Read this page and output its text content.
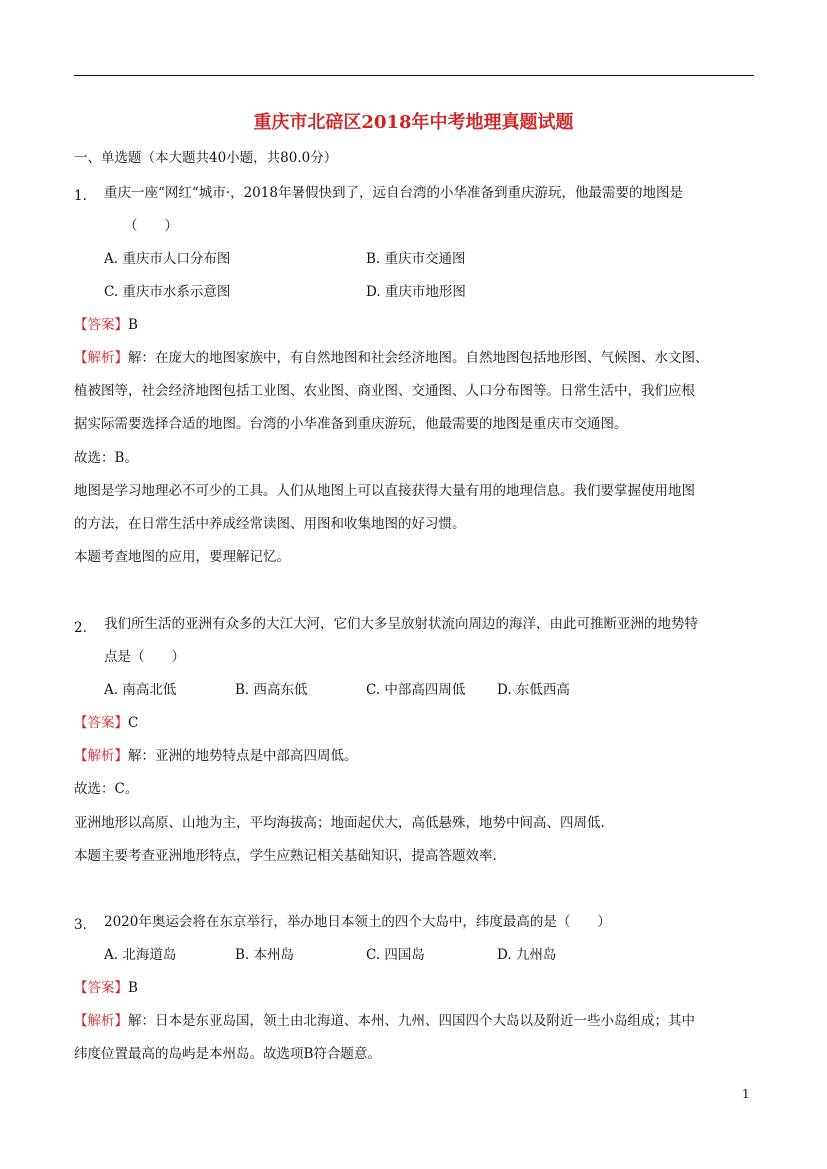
重庆市北碚区2018年中考地理真题试题
一、单选题（本大题共40小题，共80.0分）
1. 重庆一座“网红“城市·，2018年暑假快到了，远自台湾的小华准备到重庆游玩，他最需要的地图是
（　　）
A. 重庆市人口分布图	B. 重庆市交通图
C. 重庆市水系示意图	D. 重庆市地形图
【答案】B
【解析】解：在庞大的地图家族中，有自然地图和社会经济地图。自然地图包括地形图、气候图、水文图、
植被图等，社会经济地图包括工业图、农业图、商业图、交通图、人口分布图等。日常生活中，我们应根
据实际需要选择合适的地图。台湾的小华准备到重庆游玩，他最需要的地图是重庆市交通图。
故选：B。
地图是学习地理必不可少的工具。人们从地图上可以直接获得大量有用的地理信息。我们要掌握使用地图
的方法，在日常生活中养成经常读图、用图和收集地图的好习惯。
本题考查地图的应用，要理解记忆。
2. 我们所生活的亚洲有众多的大江大河，它们大多呈放射状流向周边的海洋，由此可推断亚洲的地势特
点是（　　）
A. 南高北低	B. 西高东低	C. 中部高四周低 D. 东低西高
【答案】C
【解析】解：亚洲的地势特点是中部高四周低。
故选：C。
亚洲地形以高原、山地为主，平均海拔高；地面起伏大，高低悬殊，地势中间高、四周低.
本题主要考查亚洲地形特点，学生应熟记相关基础知识，提高答题效率.
3. 2020年奥运会将在东京举行，举办地日本领土的四个大岛中，纬度最高的是（　　）
A. 北海道岛	B. 本州岛	C. 四国岛	D. 九州岛
【答案】B
【解析】解：日本是东亚岛国，领土由北海道、本州、九州、四国四个大岛以及附近一些小岛组成；其中
纬度位置最高的岛屿是本州岛。故选项B符合题意。
1
